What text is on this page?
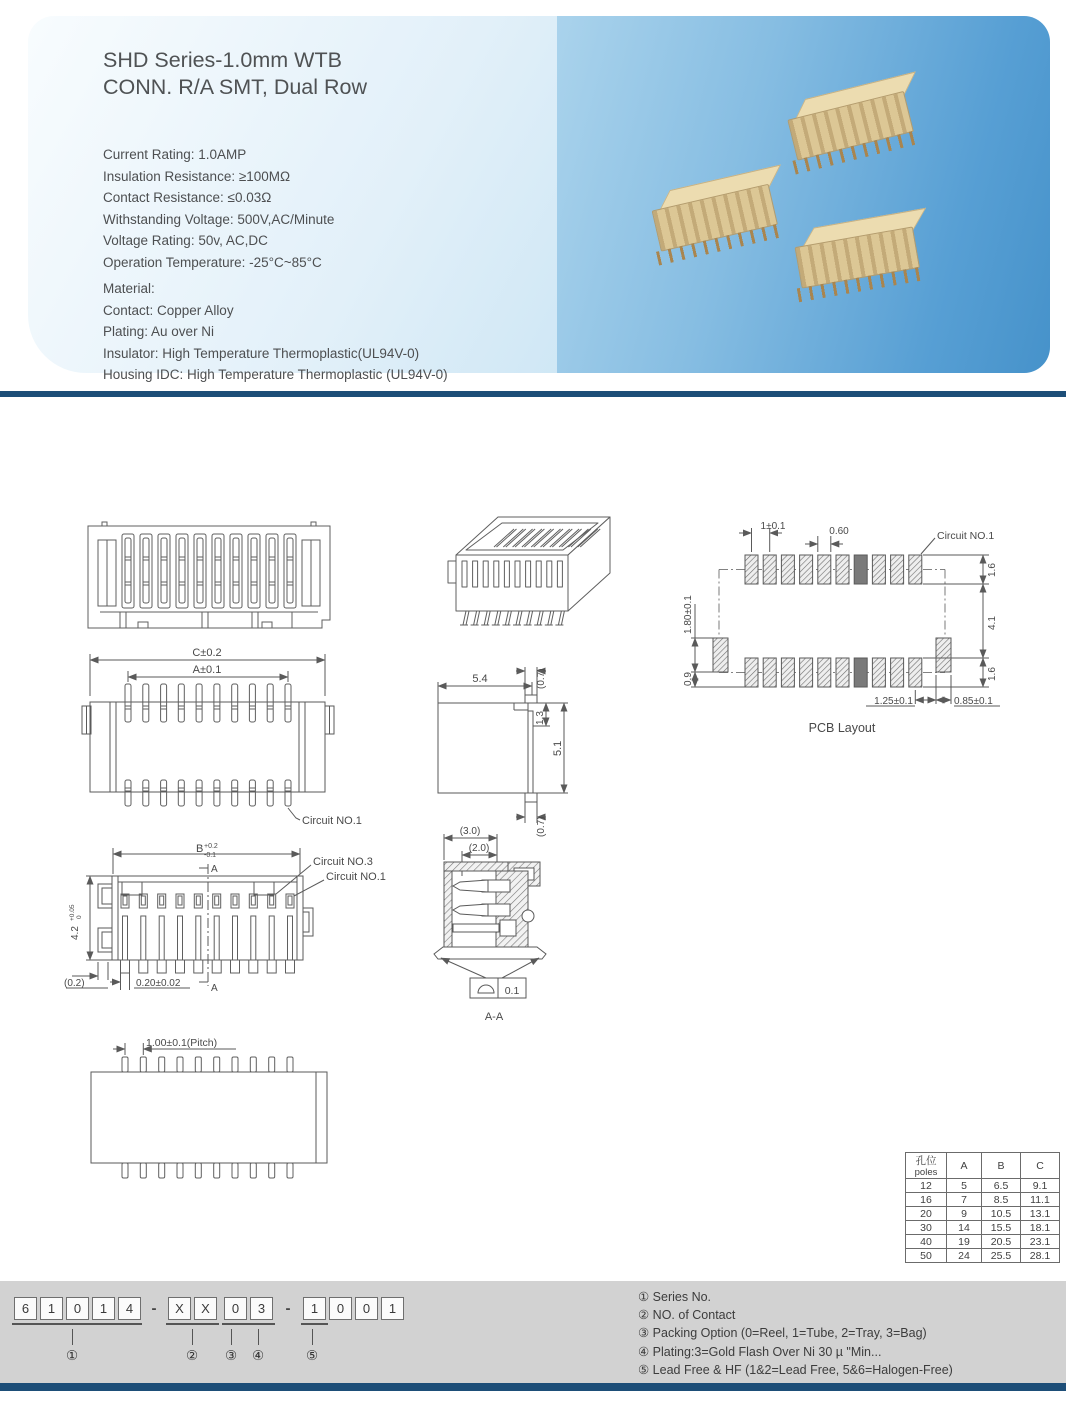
SHD Series-1.0mm WTB
CONN. R/A SMT, Dual Row
Current Rating: 1.0AMP
Insulation Resistance: ≥100MΩ
Contact Resistance: ≤0.03Ω
Withstanding Voltage: 500V,AC/Minute
Voltage Rating: 50v, AC,DC
Operation Temperature: -25°C~85°C
Material:
Contact: Copper Alloy
Plating: Au over Ni
Insulator: High Temperature Thermoplastic(UL94V-0)
Housing IDC: High Temperature Thermoplastic (UL94V-0)
C±0.2
A±0.1
Circuit NO.1
B +0.2
-0.1
4.2
+0.05 0
(0.2)	0.20±0.02
A
A
Circuit NO.3
Circuit NO.1
1.00±0.1(Pitch)
5.4	(0.7)
1.3
5.1
(0.7)
(3.0)
(2.0)
0.1
A-A
1±0.1	0.60	Circuit NO.1
1.80±0.1
0.9
1.6
4.1
1.6
1.25±0.1	0.85±0.1
PCB Layout
孔位
poles	A	B	C
12	5	6.5	9.1
16	7	8.5	11.1
20	9	10.5	13.1
30	14	15.5	18.1
40	19	20.5	23.1
50	24	25.5	28.1
6	1	0	1	4	-	X	X	0	3	-	1	0	0	1
①	② ③ ④	⑤
① Series No.
② NO. of Contact
③ Packing Option (0=Reel, 1=Tube, 2=Tray, 3=Bag)
④ Plating:3=Gold Flash Over Ni 30 µ "Min...
⑤ Lead Free & HF (1&2=Lead Free, 5&6=Halogen-Free)
